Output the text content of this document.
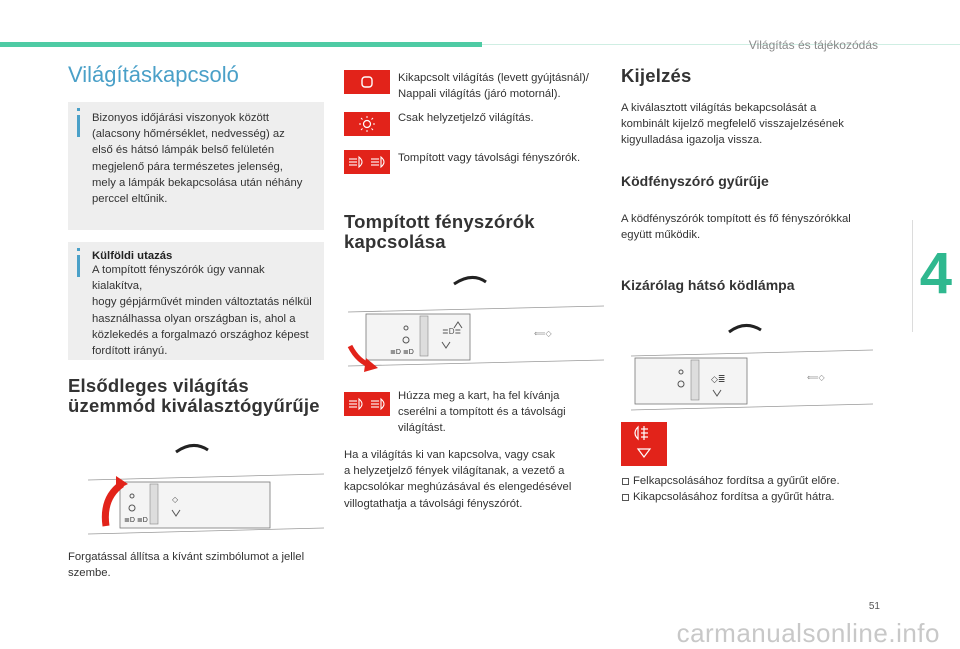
Világítás és tájékozódás
4
51
carmanualsonline.info
Világításkapcsoló
Bizonyos időjárási viszonyok között
(alacsony hőmérséklet, nedvesség) az
első és hátsó lámpák belső felületén
megjelenő pára természetes jelenség,
mely a lámpák bekapcsolása után néhány
perccel eltűnik.
Külföldi utazás
A tompított fényszórók úgy vannak kialakítva,
hogy gépjárművét minden változtatás nélkül
használhassa olyan országban is, ahol a
közlekedés a forgalmazó országhoz képest
fordított irányú.
Elsődleges világítás
üzemmód kiválasztógyűrűje
≣D ≣D
◇
Forgatással állítsa a kívánt szimbólumot a jellel
szembe.
Kikapcsolt világítás (levett gyújtásnál)/
Nappali világítás (járó motornál).
Csak helyzetjelző világítás.
Tompított vagy távolsági fényszórók.
Tompított fényszórók
kapcsolása
≣D ≣D
≣D≣	⟸◇
Húzza meg a kart, ha fel kívánja
cserélni a tompított és a távolsági
világítást.
Ha a világítás ki van kapcsolva, vagy csak
a helyzetjelző fények világítanak, a vezető a
kapcsolókar meghúzásával és elengedésével
villogtathatja a távolsági fényszórót.
Kijelzés
A kiválasztott világítás bekapcsolását a
kombinált kijelző megfelelő visszajelzésének
kigyulladása igazolja vissza.
Ködfényszóró gyűrűje
A ködfényszórók tompított és fő fényszórókkal
együtt működik.
Kizárólag hátsó ködlámpa
◇≣	⟸◇
Felkapcsolásához fordítsa a gyűrűt előre.
Kikapcsolásához fordítsa a gyűrűt hátra.
